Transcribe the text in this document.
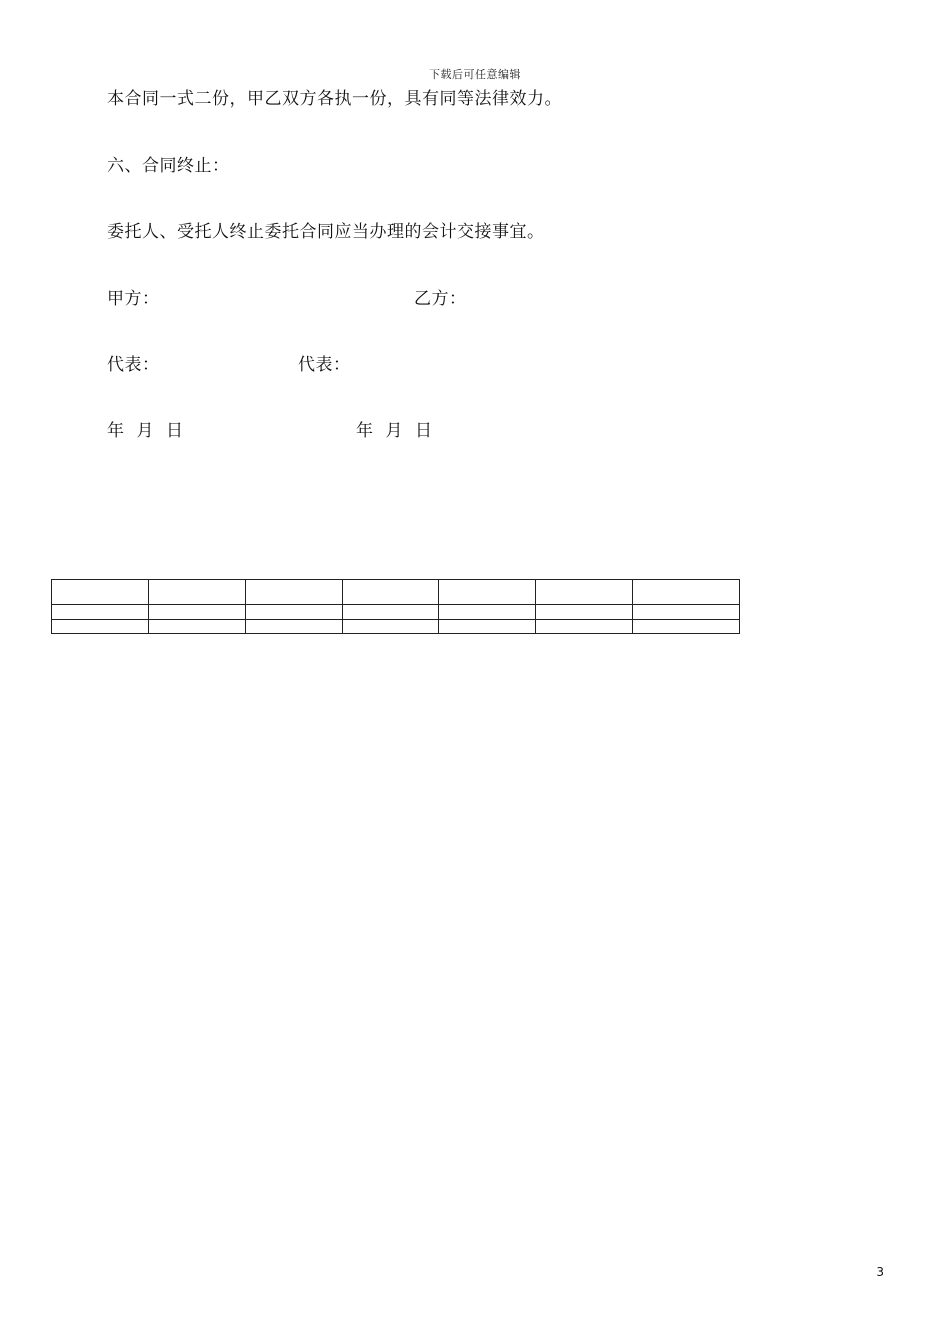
下载后可任意编辑
本合同一式二份，甲乙双方各执一份，具有同等法律效力。
六、合同终止：
委托人、受托人终止委托合同应当办理的会计交接事宜。
甲方：	乙方：
代表：	代表：
年 月 日	年 月 日

3
